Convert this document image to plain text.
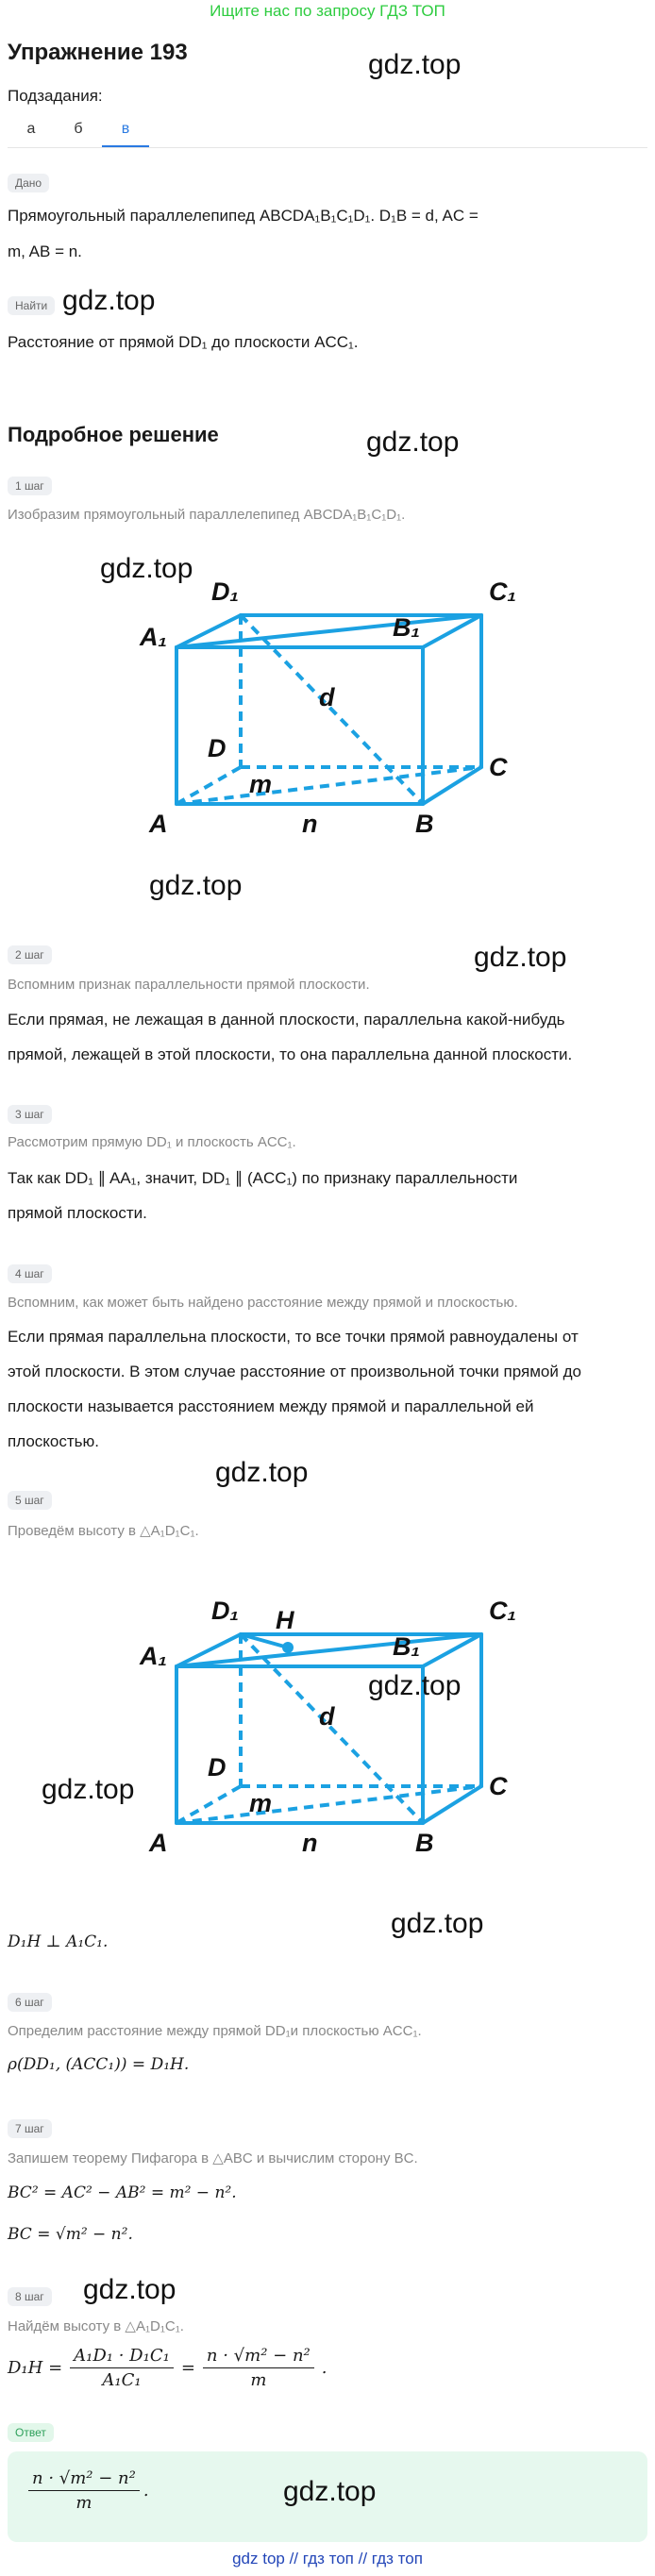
Ищите нас по запросу ГДЗ ТОП
Упражнение 193	gdz.top
Подзадания:
а	б	в
Дано
Прямоугольный параллелепипед ABCDA₁B₁C₁D₁. D₁B = d, AC =
m, AB = n.
Найти gdz.top
Расстояние от прямой DD₁ до плоскости ACC₁.
Подробное решение	gdz.top
1 шаг
Изобразим прямоугольный параллелепипед ABCDA₁B₁C₁D₁.
gdz.top
A₁
D₁
B₁
C₁
D
C
A	B
d
m
n
gdz.top
2 шаг	gdz.top
Вспомним признак параллельности прямой плоскости.
Если прямая, не лежащая в данной плоскости, параллельна какой-нибудь
прямой, лежащей в этой плоскости, то она параллельна данной плоскости.
3 шаг
Рассмотрим прямую DD₁ и плоскость ACC₁.
Так как DD₁ ∥ AA₁, значит, DD₁ ∥ (ACC₁) по признаку параллельности
прямой плоскости.
4 шаг
Вспомним, как может быть найдено расстояние между прямой и плоскостью.
Если прямая параллельна плоскости, то все точки прямой равноудалены от
этой плоскости. В этом случае расстояние от произвольной точки прямой до
плоскости называется расстоянием между прямой и параллельной ей
плоскостью.
gdz.top
5 шаг
Проведём высоту в △A₁D₁C₁.
A₁
D₁ H
B₁
C₁
D
C
A	B
d
m
n
gdz.top
gdz.top
gdz.top
D₁H ⊥ A₁C₁.
6 шаг
Определим расстояние между прямой DD₁и плоскостью ACC₁.
ρ(DD₁, (ACC₁)) = D₁H.
7 шаг
Запишем теорему Пифагора в △ABC и вычислим сторону BC.
BC² = AC² − AB² = m² − n².
BC = √m² − n².
8 шаг gdz.top
Найдём высоту в △A₁D₁C₁.
$D_1H = \frac{\text{A₁D₁ · D₁C₁}}{\text{A₁C₁}} = \frac{\text{n · √m² − n²}}{m}$ .
Ответ
$\frac{\text{n · √m² − n²}}{m}$ .	gdz.top
gdz top // гдз топ // гдз топ
